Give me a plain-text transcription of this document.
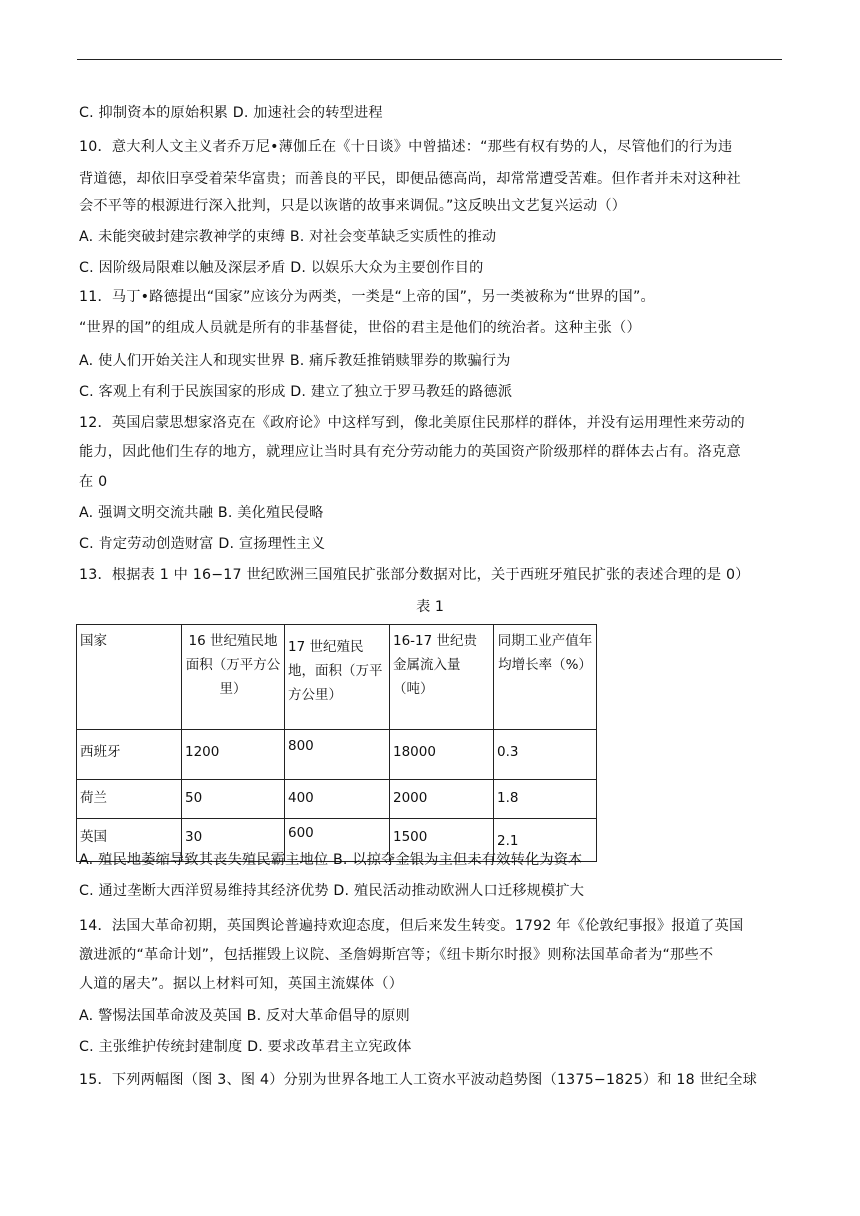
C. 抑制资本的原始积累 D. 加速社会的转型进程
10．意大利人文主义者乔万尼•薄伽丘在《十日谈》中曾描述：“那些有权有势的人，尽管他们的行为违
背道德，却依旧享受着荣华富贵；而善良的平民，即便品德高尚，却常常遭受苦难。但作者并未对这种社
会不平等的根源进行深入批判，只是以诙谐的故事来调侃。”这反映出文艺复兴运动（）
A. 未能突破封建宗教神学的束缚 B. 对社会变革缺乏实质性的推动
C. 因阶级局限难以触及深层矛盾 D. 以娱乐大众为主要创作目的
11．马丁•路德提出“国家”应该分为两类，一类是“上帝的国”，另一类被称为“世界的国”。
“世界的国”的组成人员就是所有的非基督徒，世俗的君主是他们的统治者。这种主张（）
A. 使人们开始关注人和现实世界 B. 痛斥教廷推销赎罪券的欺骗行为
C. 客观上有利于民族国家的形成 D. 建立了独立于罗马教廷的路德派
12．英国启蒙思想家洛克在《政府论》中这样写到，像北美原住民那样的群体，并没有运用理性来劳动的
能力，因此他们生存的地方，就理应让当时具有充分劳动能力的英国资产阶级那样的群体去占有。洛克意
在 0
A. 强调文明交流共融 B. 美化殖民侵略
C. 肯定劳动创造财富 D. 宣扬理性主义
13．根据表 1 中 16−17 世纪欧洲三国殖民扩张部分数据对比，关于西班牙殖民扩张的表述合理的是 0）
表 1
国家	16 世纪殖民地面积（万平方公里）	17 世纪殖民地，面积（万平方公里）	16-17 世纪贵金属流入量（吨）	同期工业产值年均增长率（%）
西班牙	1200	800	18000	0.3
荷兰	50	400	2000	1.8
英国	30	600	1500	2.1
A. 殖民地萎缩导致其丧失殖民霸主地位 B. 以掠夺金银为主但未有效转化为资本
C. 通过垄断大西洋贸易维持其经济优势 D. 殖民活动推动欧洲人口迁移规模扩大
14．法国大革命初期，英国舆论普遍持欢迎态度，但后来发生转变。1792 年《伦敦纪事报》报道了英国
激进派的“革命计划”，包括摧毁上议院、圣詹姆斯宫等；《纽卡斯尔时报》则称法国革命者为“那些不
人道的屠夫”。据以上材料可知，英国主流媒体（）
A. 警惕法国革命波及英国 B. 反对大革命倡导的原则
C. 主张维护传统封建制度 D. 要求改革君主立宪政体
15．下列两幅图（图 3、图 4）分别为世界各地工人工资水平波动趋势图（1375−1825）和 18 世纪全球
